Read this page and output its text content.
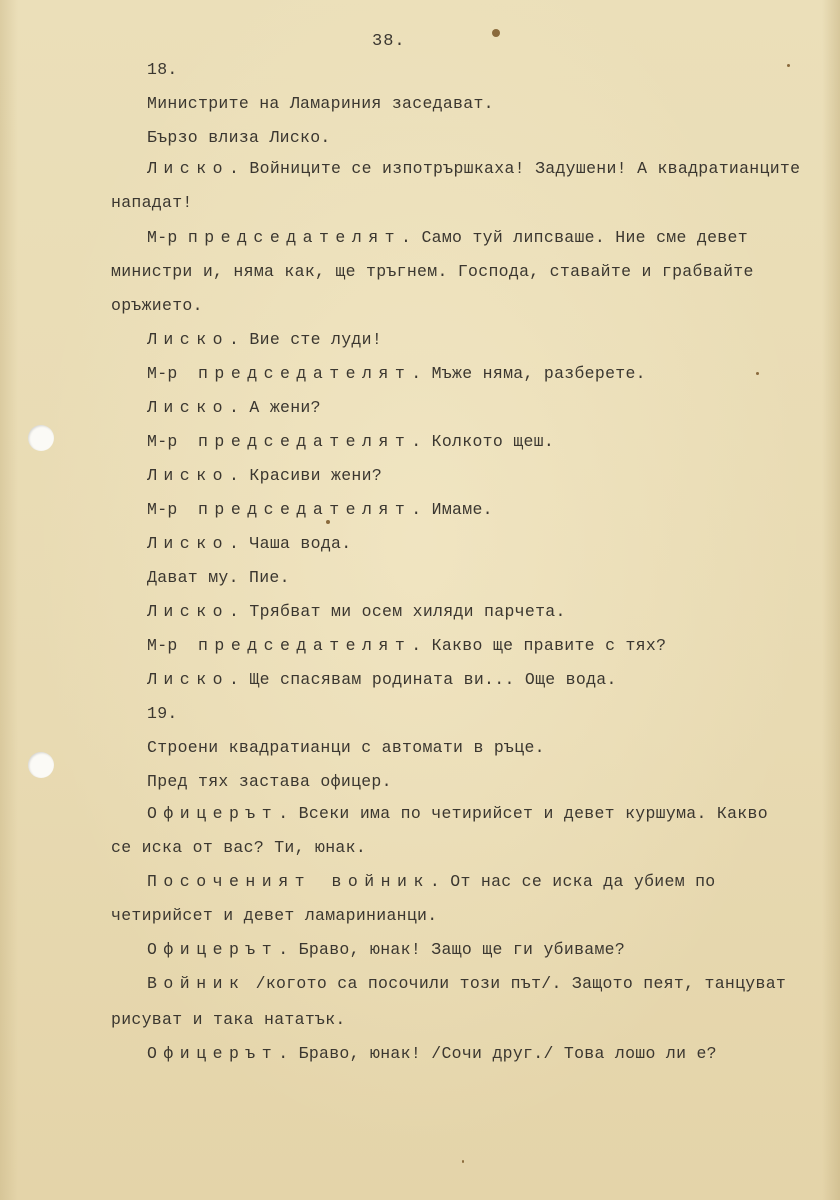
38.
18.
Министрите на Ламариния заседават.
Бързо влиза Лиско.
Лиско. Войниците се изпотрършкаха! Задушени! А квадратианците
нападат!
М-р председателят. Само туй липсваше. Ние сме девет
министри и, няма как, ще тръгнем. Господа, ставайте и грабвайте
оръжието.
Лиско. Вие сте луди!
М-р  председателят. Мъже няма, разберете.
Лиско. А жени?
М-р  председателят. Колкото щеш.
Лиско. Красиви жени?
М-р  председателят. Имаме.
Лиско. Чаша вода.
Дават му. Пие.
Лиско. Трябват ми осем хиляди парчета.
М-р  председателят. Какво ще правите с тях?
Лиско. Ще спасявам родината ви... Още вода.
19.
Строени квадратианци с автомати в ръце.
Пред тях застава офицер.
Офицерът. Всеки има по четирийсет и девет куршума. Какво
се иска от вас? Ти, юнак.
Посоченият войник. От нас се иска да убием по
четирийсет и девет ламаринианци.
Офицерът. Браво, юнак! Защо ще ги убиваме?
Войник /когото са посочили този път/. Защото пеят, танцуват
рисуват и така нататък.
Офицерът. Браво, юнак! /Сочи друг./ Това лошо ли е?
